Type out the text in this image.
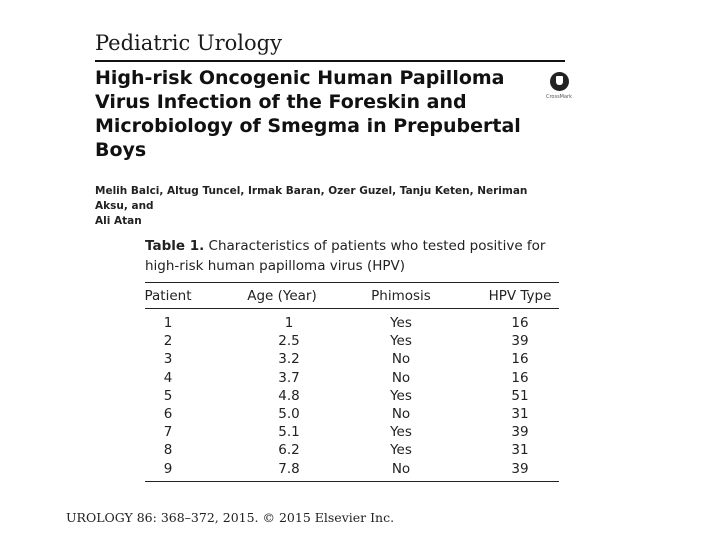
Pediatric Urology
High-risk Oncogenic Human Papilloma
Virus Infection of the Foreskin and
Microbiology of Smegma in Prepubertal
Boys
CrossMark
Melih Balci, Altug Tuncel, Irmak Baran, Ozer Guzel, Tanju Keten, Neriman Aksu, and
Ali Atan
Table 1. Characteristics of patients who tested positive for
high-risk human papilloma virus (HPV)
Patient	Age (Year)	Phimosis	HPV Type
1	1	Yes	16
2	2.5	Yes	39
3	3.2	No	16
4	3.7	No	16
5	4.8	Yes	51
6	5.0	No	31
7	5.1	Yes	39
8	6.2	Yes	31
9	7.8	No	39
UROLOGY 86: 368–372, 2015. © 2015 Elsevier Inc.
